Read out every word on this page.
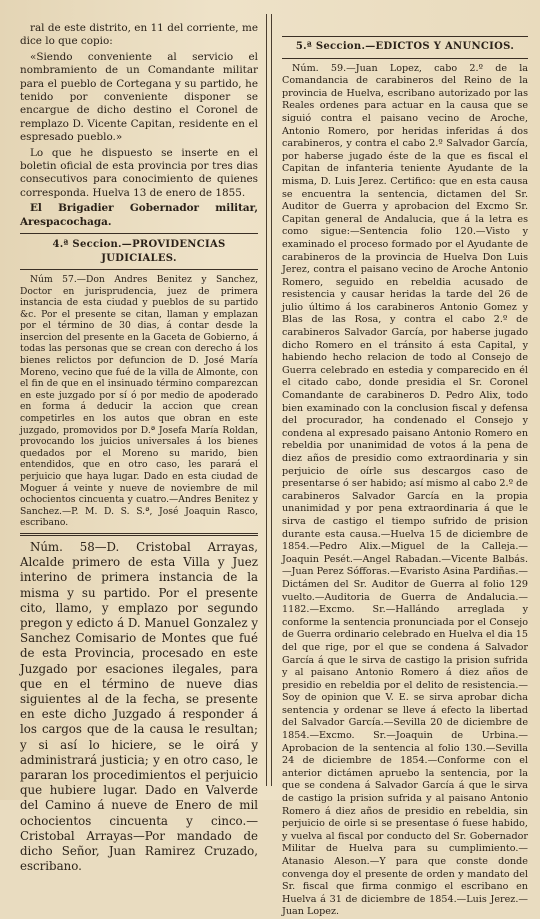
ral de este distrito, en 11 del corriente, me dice lo que copio:

«Siendo conveniente al servicio el nombramiento de un Comandante militar para el pueblo de Cortegana y su partido, he tenido por conveniente disponer se encargue de dicho destino el Coronel de remplazo D. Vicente Capitan, residente en el espresado pueblo.»

Lo que he dispuesto se inserte en el boletin oficial de esta provincia por tres dias consecutivos para conocimiento de quienes corresponda. Huelva 13 de enero de 1855.

El Brigadier Gobernador militar, Arespacochaga.

4.ª Seccion.—PROVIDENCIAS JUDICIALES.

Núm 57.—Don Andres Benitez y Sanchez, Doctor en jurisprudencia, juez de primera instancia de esta ciudad y pueblos de su partido &c. Por el presente se citan, llaman y emplazan por el término de 30 dias, á contar desde la insercion del presente en la Gaceta de Gobierno, á todas las personas que se crean con derecho á los bienes relictos por defuncion de D. José María Moreno, vecino que fué de la villa de Almonte, con el fin de que en el insinuado término comparezcan en este juzgado por sí ó por medio de apoderado en forma á deducir la accion que crean competirles en los autos que obran en este juzgado, promovidos por D.ª Josefa María Roldan, provocando los juicios universales á los bienes quedados por el Moreno su marido, bien entendidos, que en otro caso, les parará el perjuicio que haya lugar. Dado en esta ciudad de Moguer á veinte y nueve de noviembre de mil ochocientos cincuenta y cuatro.—Andres Benitez y Sanchez.—P. M. D. S. S.ª, José Joaquin Rasco, escribano.

Núm. 58—D. Cristobal Arrayas, Alcalde primero de esta Villa y Juez interino de primera instancia de la misma y su partido. Por el presente cito, llamo, y emplazo por segundo pregon y edicto á D. Manuel Gonzalez y Sanchez Comisario de Montes que fué de esta Provincia, procesado en este Juzgado por esaciones ilegales, para que en el término de nueve dias siguientes al de la fecha, se presente en este dicho Juzgado á responder á los cargos que de la causa le resultan; y si así lo hiciere, se le oirá y administrará justicia; y en otro caso, le pararan los procedimientos el perjuicio que hubiere lugar. Dado en Valverde del Camino á nueve de Enero de mil ochocientos cincuenta y cinco.—Cristobal Arrayas—Por mandado de dicho Señor, Juan Ramirez Cruzado, escribano.

5.ª Seccion.—EDICTOS Y ANUNCIOS.

Núm. 59.—Juan Lopez, cabo 2.º de la Comandancia de carabineros del Reino de la provincia de Huelva, escribano autorizado por las Reales ordenes para actuar en la causa que se siguió contra el paisano vecino de Aroche, Antonio Romero, por heridas inferidas á dos carabineros, y contra el cabo 2.º Salvador García, por haberse jugado éste de la que es fiscal el Capitan de infanteria teniente Ayudante de la misma, D. Luis Jerez. Certifico: que en esta causa se encuentra la sentencia, dictamen del Sr. Auditor de Guerra y aprobacion del Excmo Sr. Capitan general de Andalucia, que á la letra es como sigue:—Sentencia folio 120.—Visto y examinado el proceso formado por el Ayudante de carabineros de la provincia de Huelva Don Luis Jerez, contra el paisano vecino de Aroche Antonio Romero, seguido en rebeldia acusado de resistencia y causar heridas la tarde del 26 de julio último á los carabineros Antonio Gomez y Blas de las Rosa, y contra el cabo 2.º de carabineros Salvador García, por haberse jugado dicho Romero en el tránsito á esta Capital, y habiendo hecho relacion de todo al Consejo de Guerra celebrado en estedia y comparecido en él el citado cabo, donde presidia el Sr. Coronel Comandante de carabineros D. Pedro Alix, todo bien examinado con la conclusion fiscal y defensa del procurador, ha condenado el Consejo y condena al expresado paisano Antonio Romero en rebeldia por unanimidad de votos á la pena de diez años de presidio como extraordinaria y sin perjuicio de oírle sus descargos caso de presentarse ó ser habido; así mismo al cabo 2.º de carabineros Salvador García en la propia unanimidad y por pena extraordinaria á que le sirva de castigo el tiempo sufrido de prision durante esta causa.—Huelva 15 de diciembre de 1854.—Pedro Alix.—Miguel de la Calleja.—Joaquin Pesét.—Angel Rabadan.—Vicente Balbás.—Juan Perez Sófforas.—Evaristo Asina Pardiñas.—Dictámen del Sr. Auditor de Guerra al folio 129 vuelto.—Auditoria de Guerra de Andalucia.—1182.—Excmo. Sr.—Hallándo arreglada y conforme la sentencia pronunciada por el Consejo de Guerra ordinario celebrado en Huelva el dia 15 del que rige, por el que se condena á Salvador García á que le sirva de castigo la prision sufrida y al paisano Antonio Romero á diez años de presidio en rebeldia por el delito de resistencia.—Soy de opinion que V. E. se sirva aprobar dicha sentencia y ordenar se lleve á efecto la libertad del Salvador García.—Sevilla 20 de diciembre de 1854.—Excmo. Sr.—Joaquin de Urbina.—Aprobacion de la sentencia al folio 130.—Sevilla 24 de diciembre de 1854.—Conforme con el anterior dictámen apruebo la sentencia, por la que se condena á Salvador García á que le sirva de castigo la prision sufrida y al paisano Antonio Romero á diez años de presidio en rebeldia, sin perjuicio de oirle si se presentase ó fuese habido, y vuelva al fiscal por conducto del Sr. Gobernador Militar de Huelva para su cumplimiento.—Atanasio Aleson.—Y para que conste donde convenga doy el presente de orden y mandato del Sr. fiscal que firma conmigo el escribano en Huelva á 31 de diciembre de 1854.—Luis Jerez.—Juan Lopez.
